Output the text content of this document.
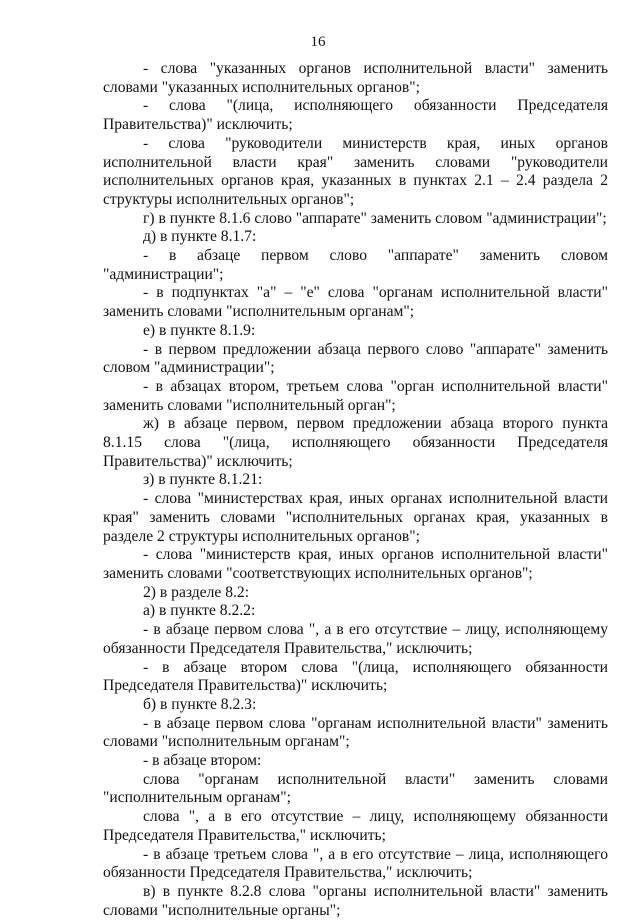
16

- слова "указанных органов исполнительной власти" заменить словами "указанных исполнительных органов";

- слова "(лица, исполняющего обязанности Председателя Правительства)" исключить;

- слова "руководители министерств края, иных органов исполнительной власти края" заменить словами "руководители исполнительных органов края, указанных в пунктах 2.1 – 2.4 раздела 2 структуры исполнительных органов";

г) в пункте 8.1.6 слово "аппарате" заменить словом "администрации";

д) в пункте 8.1.7:

- в абзаце первом слово "аппарате" заменить словом "администрации";

- в подпунктах "а" – "е" слова "органам исполнительной власти" заменить словами "исполнительным органам";

е) в пункте 8.1.9:

- в первом предложении абзаца первого слово "аппарате" заменить словом "администрации";

- в абзацах втором, третьем слова "орган исполнительной власти" заменить словами "исполнительный орган";

ж) в абзаце первом, первом предложении абзаца второго пункта 8.1.15 слова "(лица, исполняющего обязанности Председателя Правительства)" исключить;

з) в пункте 8.1.21:

- слова "министерствах края, иных органах исполнительной власти края" заменить словами "исполнительных органах края, указанных в разделе 2 структуры исполнительных органов";

- слова "министерств края, иных органов исполнительной власти" заменить словами "соответствующих исполнительных органов";

2) в разделе 8.2:

а) в пункте 8.2.2:

- в абзаце первом слова ", а в его отсутствие – лицу, исполняющему обязанности Председателя Правительства," исключить;

- в абзаце втором слова "(лица, исполняющего обязанности Председателя Правительства)" исключить;

б) в пункте 8.2.3:

- в абзаце первом слова "органам исполнительной власти" заменить словами "исполнительным органам";

- в абзаце втором:

слова "органам исполнительной власти" заменить словами "исполнительным органам";

слова ", а в его отсутствие – лицу, исполняющему обязанности Председателя Правительства," исключить;

- в абзаце третьем слова ", а в его отсутствие – лица, исполняющего обязанности Председателя Правительства," исключить;

в) в пункте 8.2.8 слова "органы исполнительной власти" заменить словами "исполнительные органы";
